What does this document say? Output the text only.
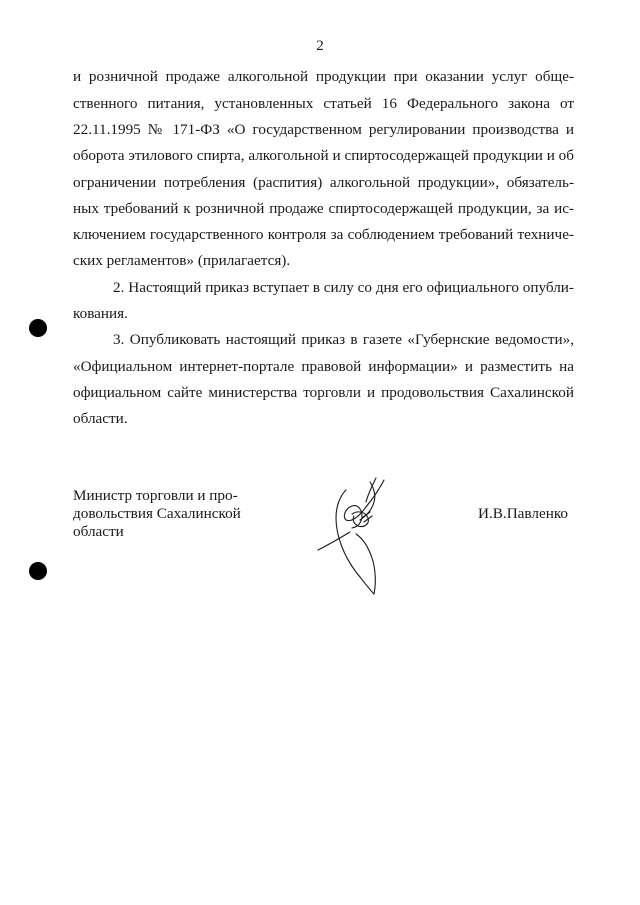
2
и розничной продаже алкогольной продукции при оказании услуг обще-
ственного питания, установленных статьей 16 Федерального закона от
22.11.1995 № 171-ФЗ «О государственном регулировании производства и
оборота этилового спирта, алкогольной и спиртосодержащей продукции и об
ограничении потребления (распития) алкогольной продукции», обязатель-
ных требований к розничной продаже спиртосодержащей продукции, за ис-
ключением государственного контроля за соблюдением требований техниче-
ских регламентов» (прилагается).
2. Настоящий приказ вступает в силу со дня его официального опубли-
кования.
3. Опубликовать настоящий приказ в газете «Губернские ведомости»,
«Официальном интернет-портале правовой информации» и разместить на
официальном сайте министерства торговли и продовольствия Сахалинской
области.
Министр торговли и про-
довольствия Сахалинской
области
И.В.Павленко
